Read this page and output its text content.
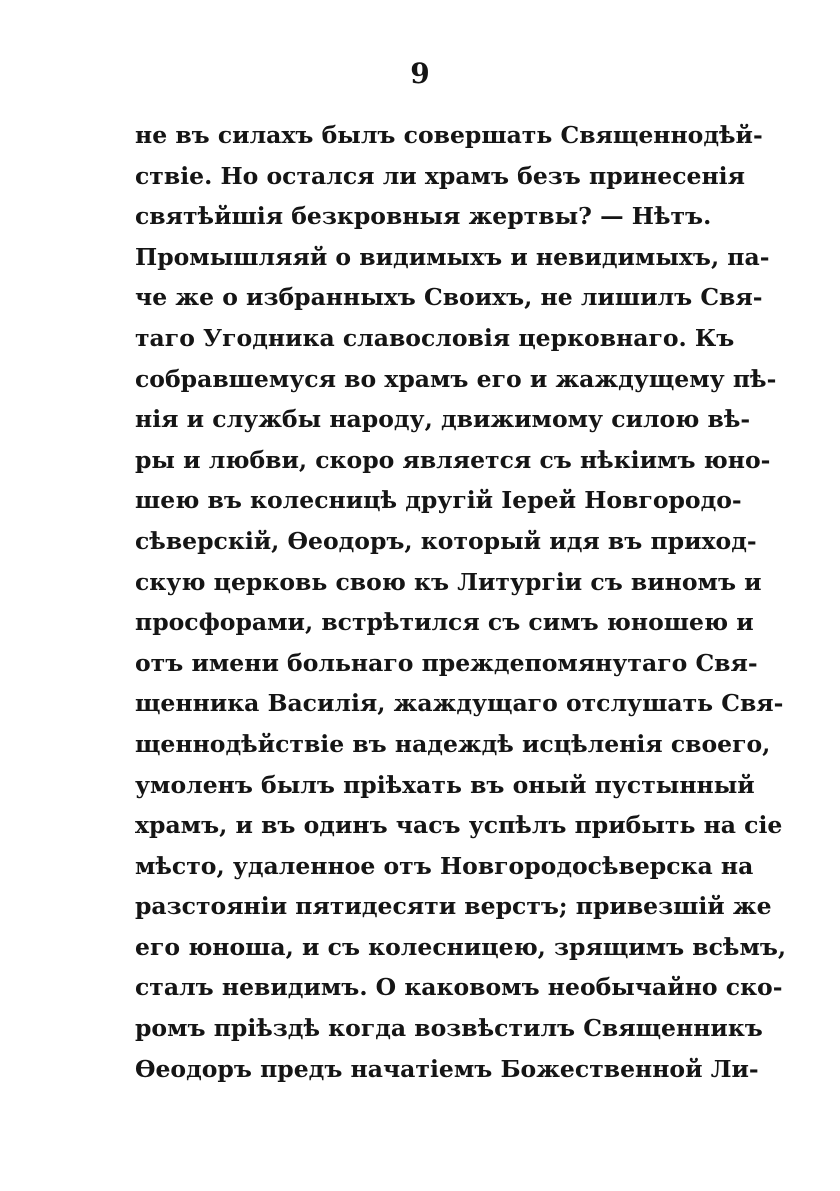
9
не въ силахъ былъ совершать Священнодѣй-
ствіе. Но остался ли храмъ безъ принесенія
святѣйшія безкровныя жертвы? — Нѣтъ.
Промышляяй о видимыхъ и невидимыхъ, па-
че же о избранныхъ Своихъ, не лишилъ Свя-
таго Угодника славословія церковнаго. Къ
собравшемуся во храмъ его и жаждущему пѣ-
нія и службы народу, движимому силою вѣ-
ры и любви, скоро является съ нѣкіимъ юно-
шею въ колесницѣ другій Іерей Новгородо-
сѣверскій, Ѳеодоръ, который идя въ приход-
скую церковь свою къ Литургіи съ виномъ и
просфорами, встрѣтился съ симъ юношею и
отъ имени больнаго преждепомянутаго Свя-
щенника Василія, жаждущаго отслушать Свя-
щеннодѣйствіе въ надеждѣ исцѣленія своего,
умоленъ былъ пріѣхать въ оный пустынный
храмъ, и въ одинъ часъ успѣлъ прибыть на сіе
мѣсто, удаленное отъ Новгородосѣверска на
разстояніи пятидесяти верстъ; привезшій же
его юноша, и съ колесницею, зрящимъ всѣмъ,
сталъ невидимъ. О каковомъ необычайно ско-
ромъ пріѣздѣ когда возвѣстилъ Священникъ
Ѳеодоръ предъ начатіемъ Божественной Ли-
